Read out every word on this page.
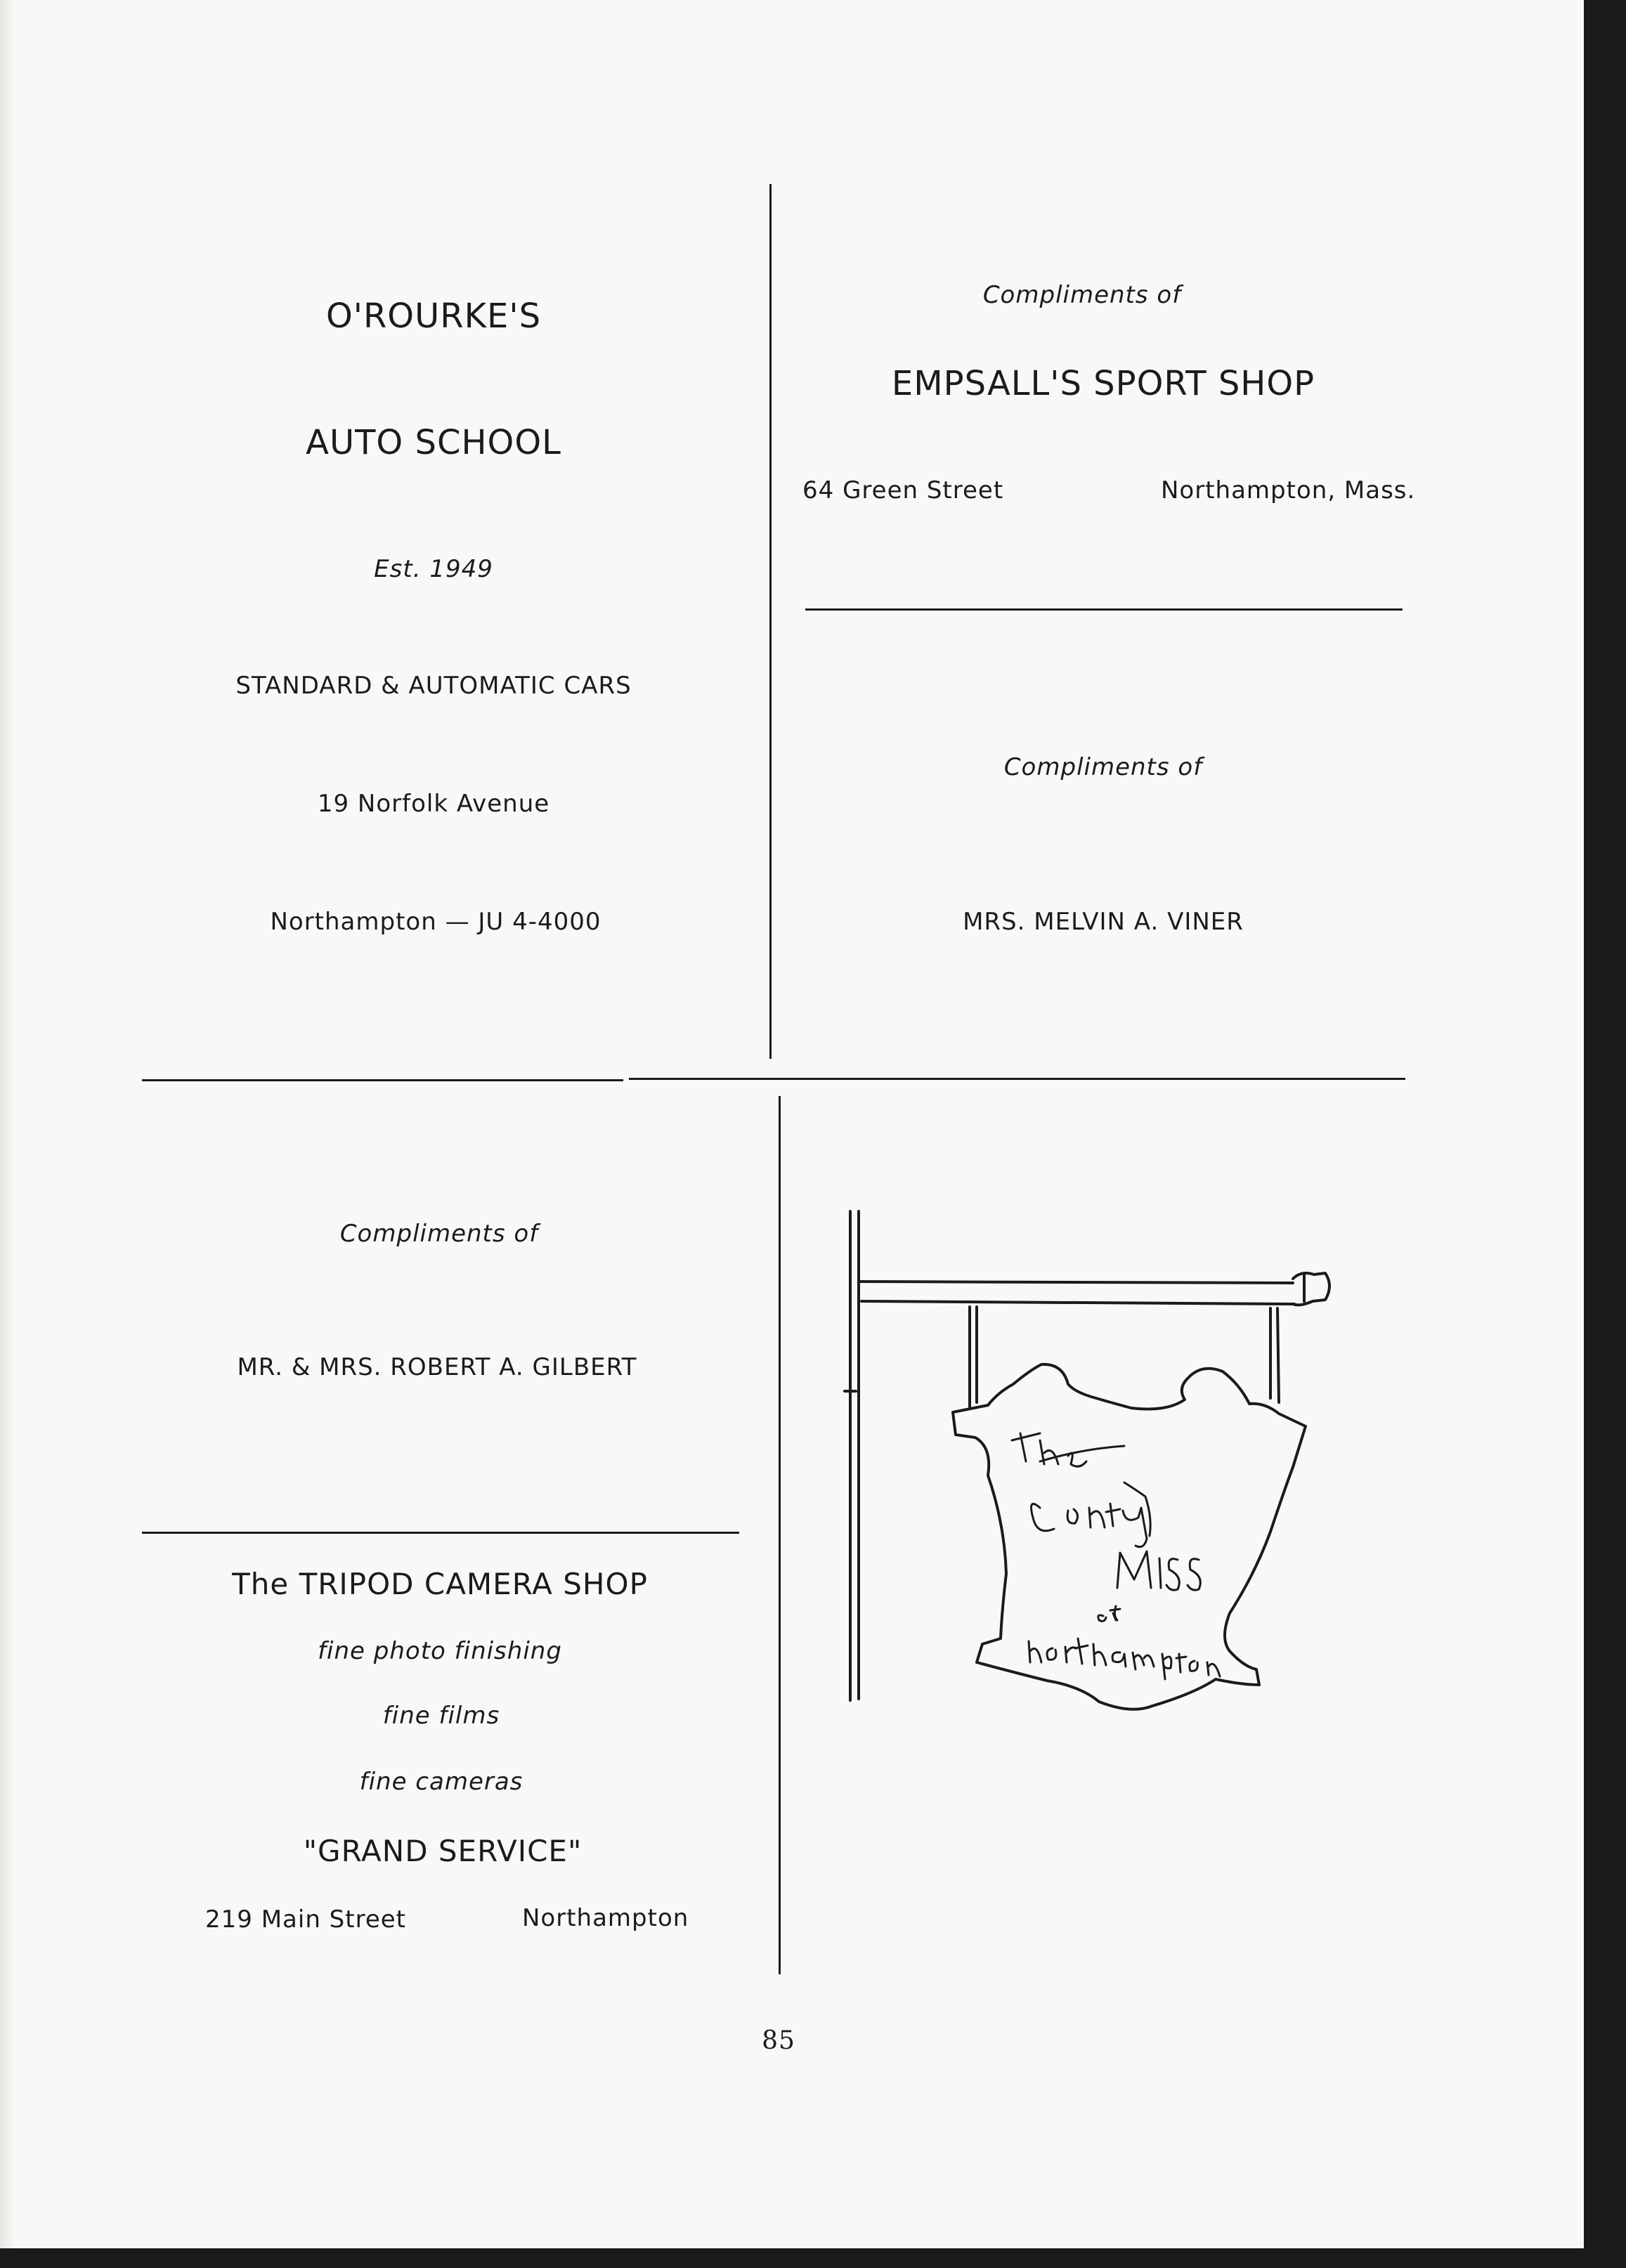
O'ROURKE'S
AUTO SCHOOL
Est. 1949
STANDARD & AUTOMATIC CARS
19 Norfolk Avenue
Northampton — JU 4-4000
Compliments of
EMPSALL'S SPORT SHOP
64 Green Street	Northampton, Mass.
Compliments of
MRS. MELVIN A. VINER
Compliments of
MR. & MRS. ROBERT A. GILBERT
The TRIPOD CAMERA SHOP
fine photo finishing
fine films
fine cameras
"GRAND SERVICE"
219 Main Street	Northampton
85
